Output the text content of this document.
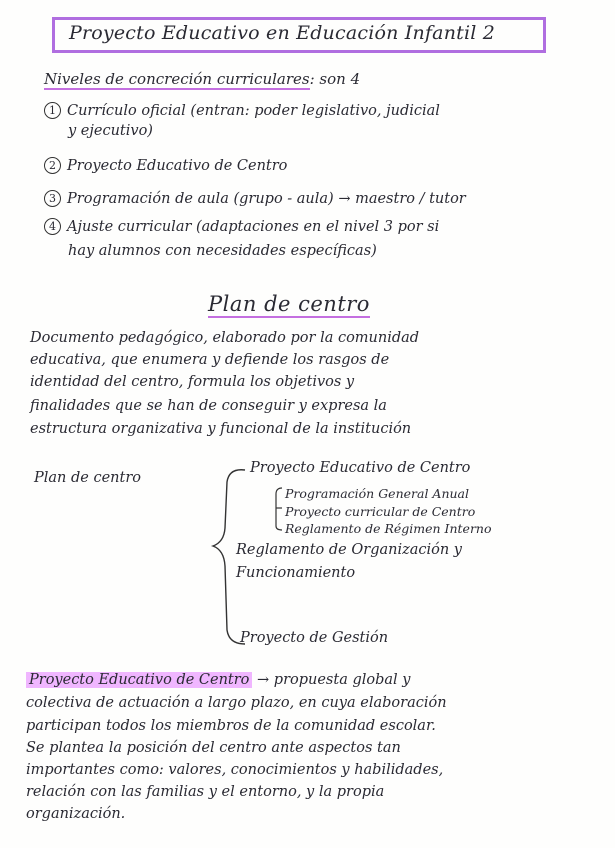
Proyecto Educativo en Educación Infantil 2
Niveles de concreción curriculares: son 4
1 Currículo oficial (entran: poder legislativo, judicial
y ejecutivo)
2 Proyecto Educativo de Centro
3 Programación de aula (grupo - aula) → maestro / tutor
4 Ajuste curricular (adaptaciones en el nivel 3 por si
hay alumnos con necesidades específicas)
Plan de centro
Documento pedagógico, elaborado por la comunidad
educativa, que enumera y defiende los rasgos de
identidad del centro, formula los objetivos y
finalidades que se han de conseguir y expresa la
estructura organizativa y funcional de la institución
Plan de centro
Proyecto Educativo de Centro
Programación General Anual
Proyecto curricular de Centro
Reglamento de Régimen Interno
Reglamento de Organización y
Funcionamiento
Proyecto de Gestión
Proyecto Educativo de Centro → propuesta global y
colectiva de actuación a largo plazo, en cuya elaboración
participan todos los miembros de la comunidad escolar.
Se plantea la posición del centro ante aspectos tan
importantes como: valores, conocimientos y habilidades,
relación con las familias y el entorno, y la propia
organización.
